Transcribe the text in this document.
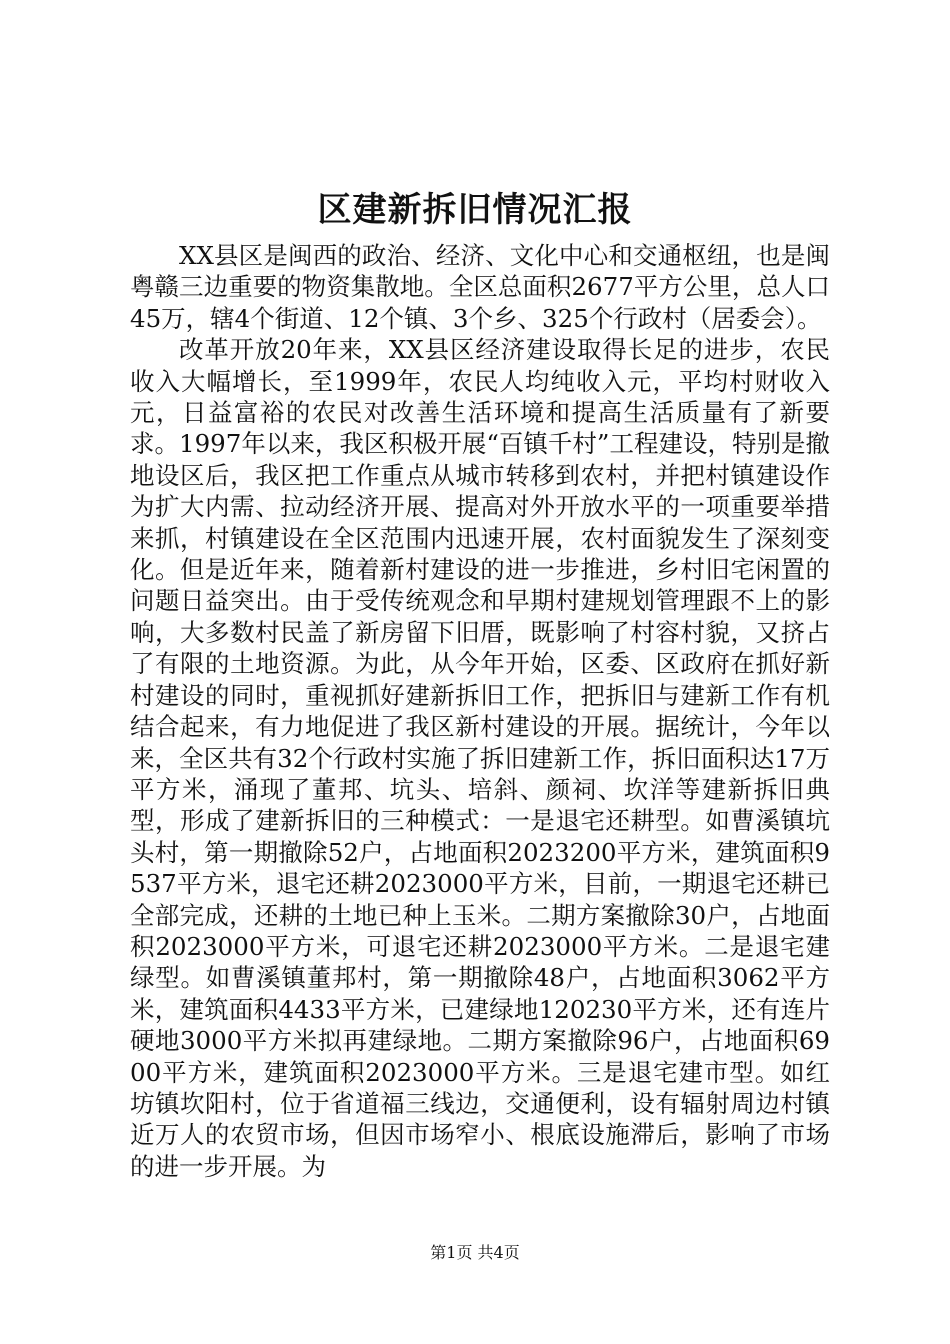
区建新拆旧情况汇报

XX县区是闽西的政治、经济、文化中心和交通枢纽，也是闽粤赣三边重要的物资集散地。全区总面积2677平方公里，总人口45万，辖4个街道、12个镇、3个乡、325个行政村（居委会）。

改革开放20年来，XX县区经济建设取得长足的进步，农民收入大幅增长，至1999年，农民人均纯收入元，平均村财收入元，日益富裕的农民对改善生活环境和提高生活质量有了新要求。1997年以来，我区积极开展“百镇千村”工程建设，特别是撤地设区后，我区把工作重点从城市转移到农村，并把村镇建设作为扩大内需、拉动经济开展、提高对外开放水平的一项重要举措来抓，村镇建设在全区范围内迅速开展，农村面貌发生了深刻变化。但是近年来，随着新村建设的进一步推进，乡村旧宅闲置的问题日益突出。由于受传统观念和早期村建规划管理跟不上的影响，大多数村民盖了新房留下旧厝，既影响了村容村貌，又挤占了有限的土地资源。为此，从今年开始，区委、区政府在抓好新村建设的同时，重视抓好建新拆旧工作，把拆旧与建新工作有机结合起来，有力地促进了我区新村建设的开展。据统计，今年以来，全区共有32个行政村实施了拆旧建新工作，拆旧面积达17万平方米，涌现了董邦、坑头、培斜、颜祠、坎洋等建新拆旧典型，形成了建新拆旧的三种模式：一是退宅还耕型。如曹溪镇坑头村，第一期撤除52户，占地面积2023200平方米，建筑面积9537平方米，退宅还耕2023000平方米，目前，一期退宅还耕已全部完成，还耕的土地已种上玉米。二期方案撤除30户，占地面积2023000平方米，可退宅还耕2023000平方米。二是退宅建绿型。如曹溪镇董邦村，第一期撤除48户，占地面积3062平方米，建筑面积4433平方米，已建绿地120230平方米，还有连片硬地3000平方米拟再建绿地。二期方案撤除96户，占地面积6900平方米，建筑面积2023000平方米。三是退宅建市型。如红坊镇坎阳村，位于省道福三线边，交通便利，设有辐射周边村镇近万人的农贸市场，但因市场窄小、根底设施滞后，影响了市场的进一步开展。为

第1页 共4页
